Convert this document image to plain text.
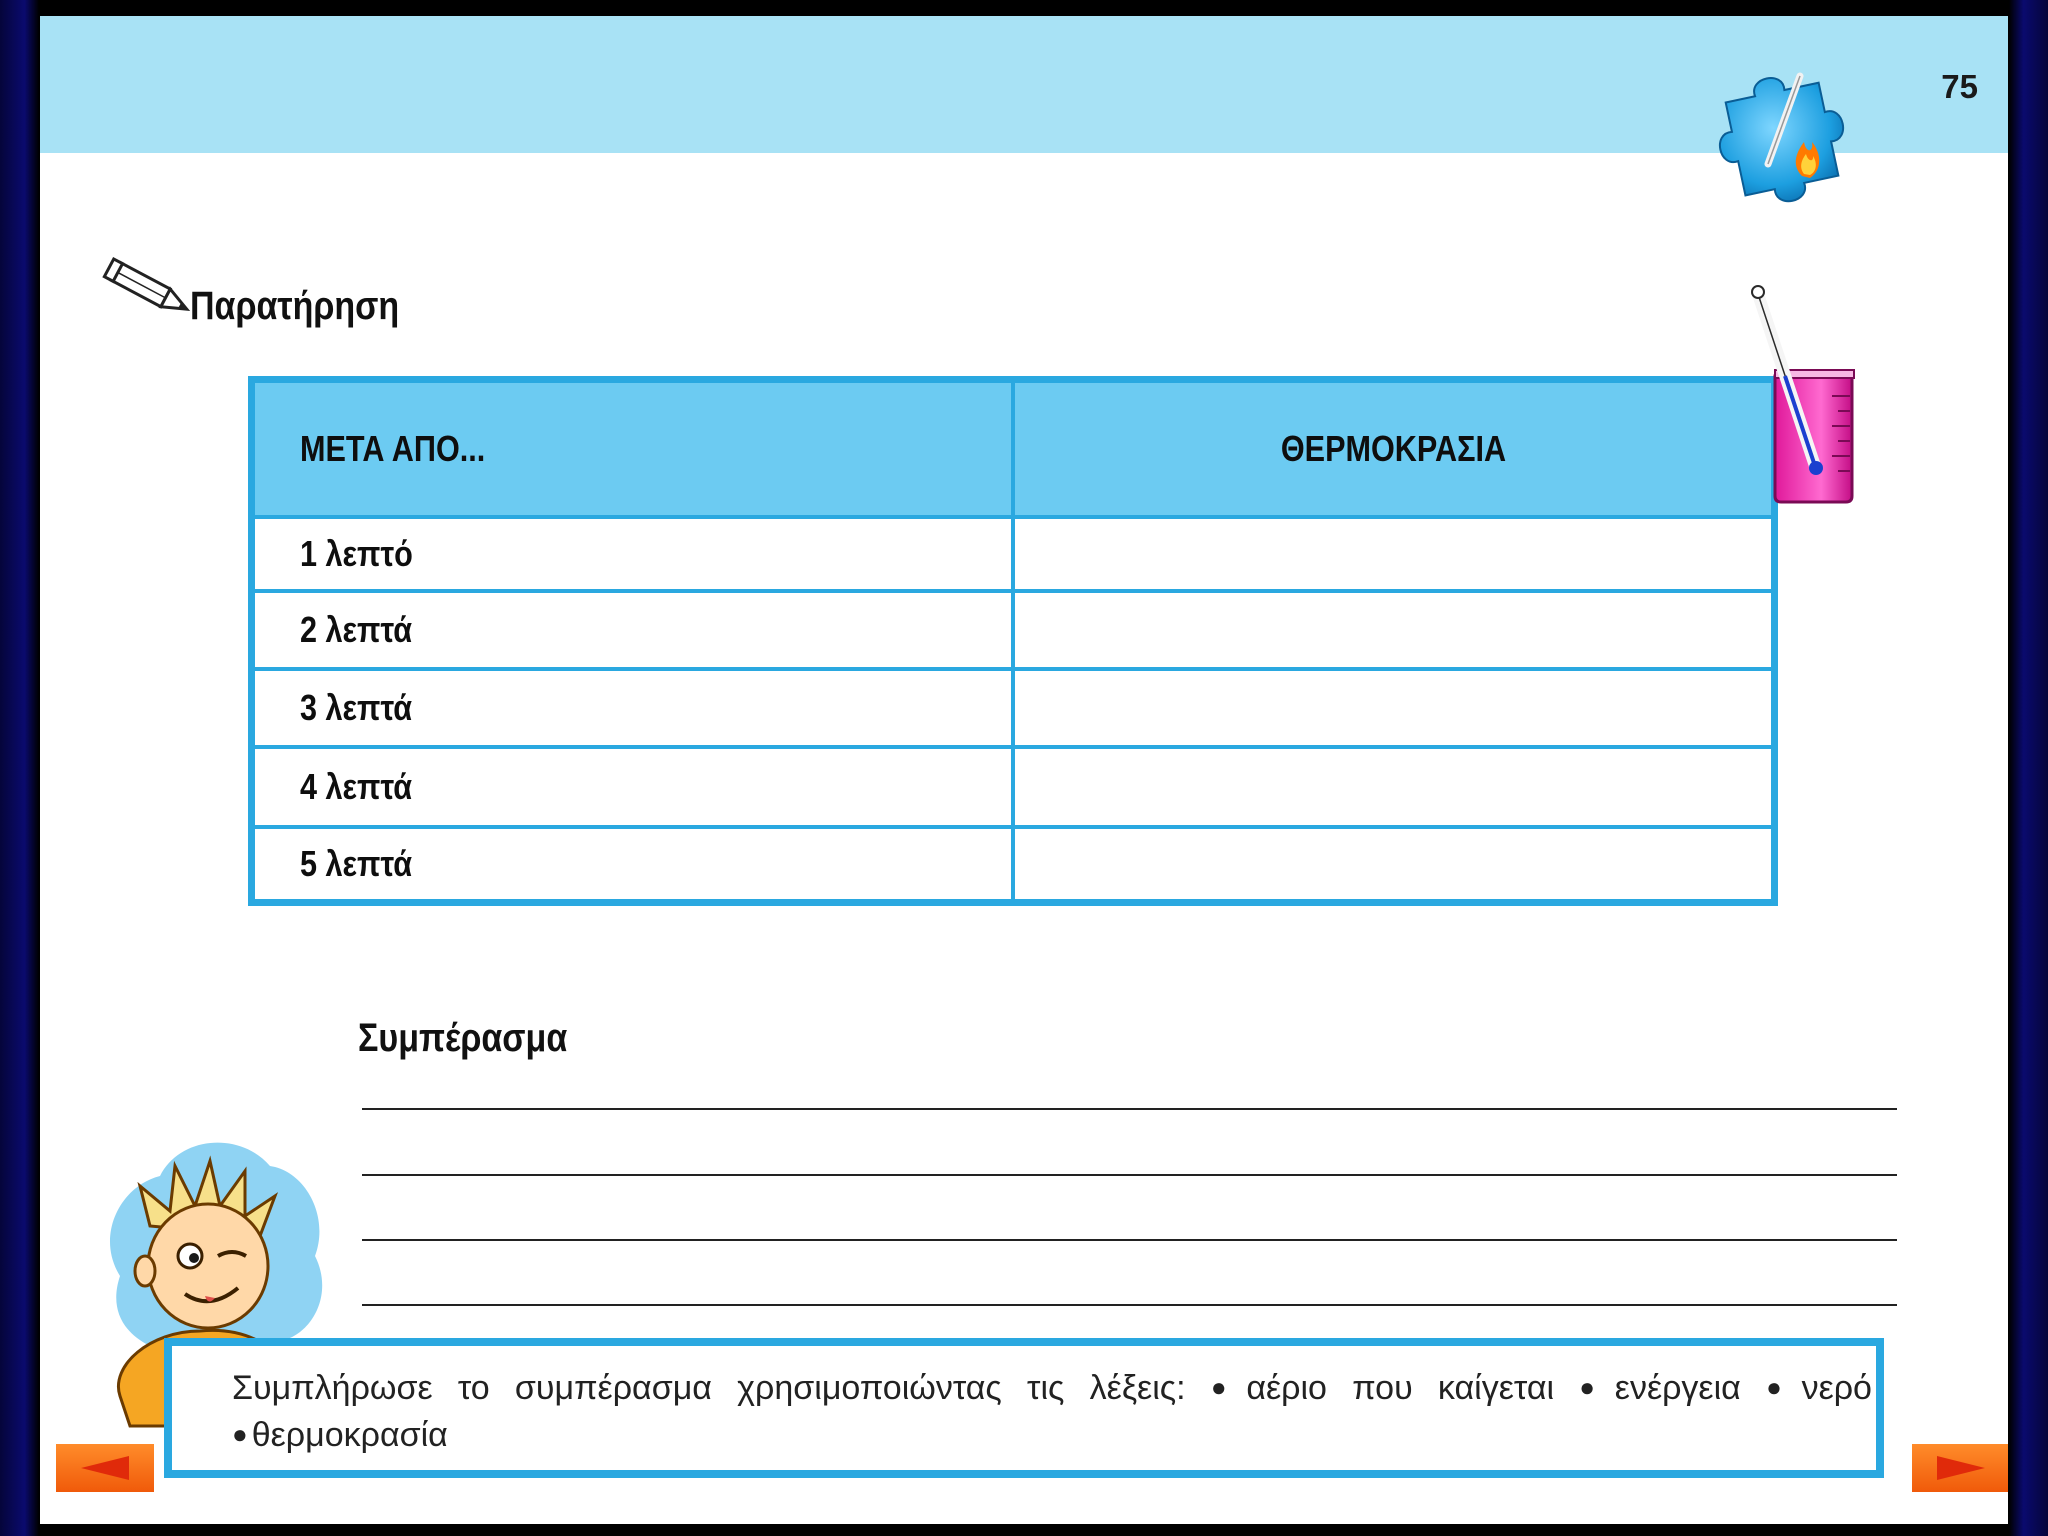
75
Παρατήρηση
ΜΕΤΑ ΑΠΟ...	ΘΕΡΜΟΚΡΑΣΙΑ
1 λεπτό	
2 λεπτά	
3 λεπτά	
4 λεπτά	
5 λεπτά	
Συμπέρασμα
Συμπλήρωσε το συμπέρασμα χρησιμοποιώντας τις λέξεις: ● αέριο που καίγεται ● ενέργεια ● νερό ● θερμοκρασία
